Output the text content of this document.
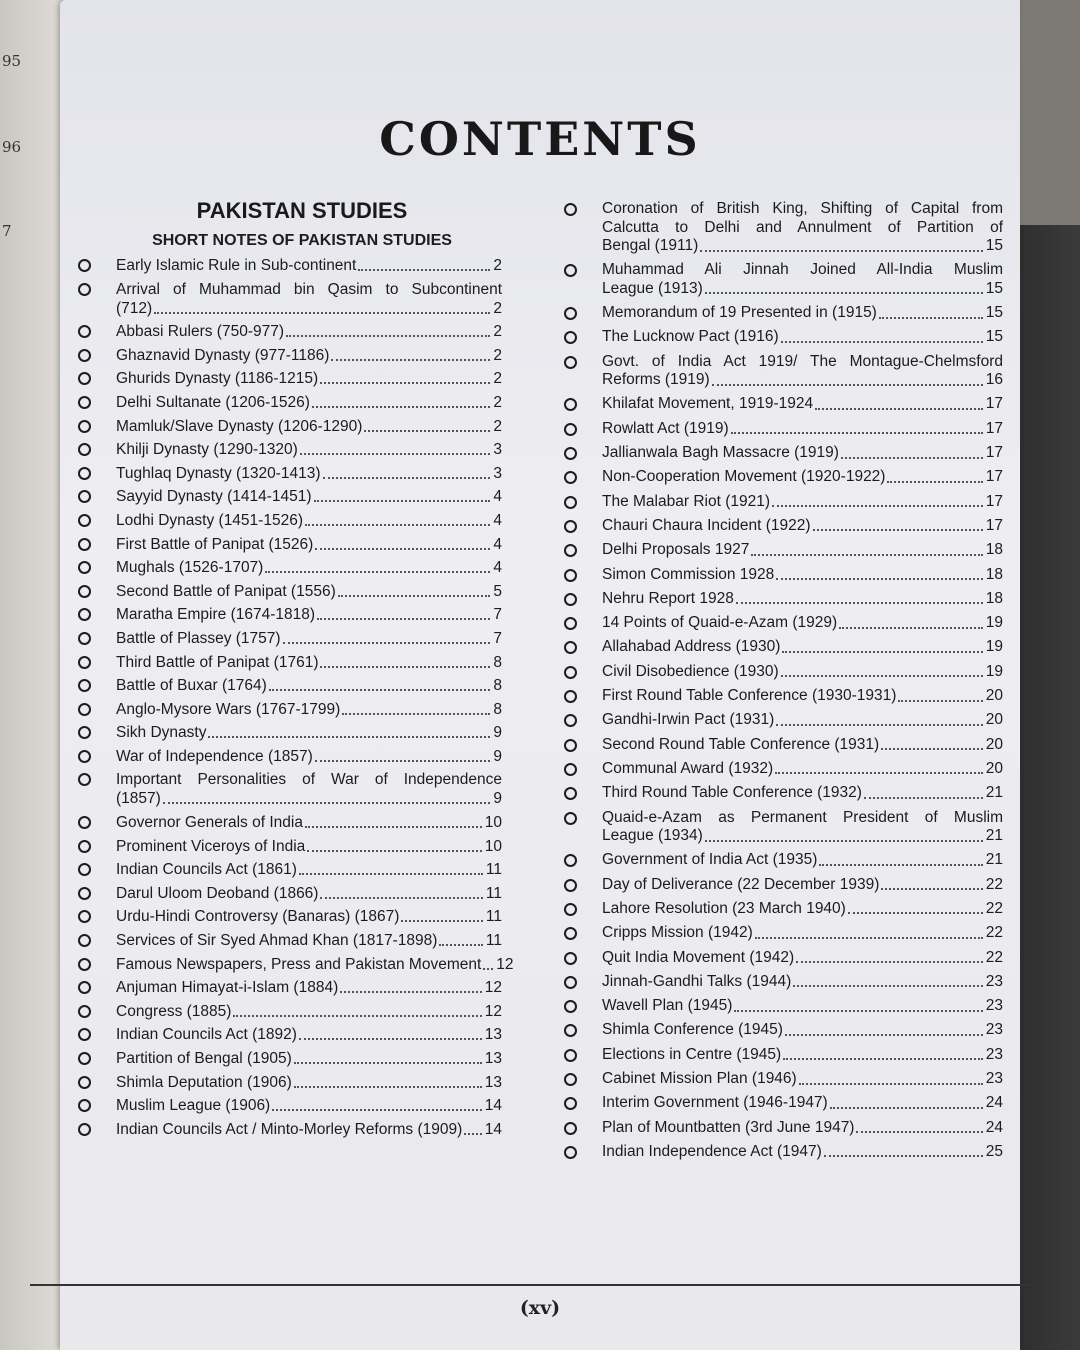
95
96
7
CONTENTS
PAKISTAN STUDIES
SHORT NOTES OF PAKISTAN STUDIES
Early Islamic Rule in Sub-continent	2
Arrival of Muhammad bin Qasim to Subcontinent
(712)	2
Abbasi Rulers (750-977)	2
Ghaznavid Dynasty (977-1186)	2
Ghurids Dynasty (1186-1215)	2
Delhi Sultanate (1206-1526)	2
Mamluk/Slave Dynasty (1206-1290)	2
Khilji Dynasty (1290-1320)	3
Tughlaq Dynasty (1320-1413)	3
Sayyid Dynasty (1414-1451)	4
Lodhi Dynasty (1451-1526)	4
First Battle of Panipat (1526)	4
Mughals (1526-1707)	4
Second Battle of Panipat (1556)	5
Maratha Empire (1674-1818)	7
Battle of Plassey (1757)	7
Third Battle of Panipat (1761)	8
Battle of Buxar (1764)	8
Anglo-Mysore Wars (1767-1799)	8
Sikh Dynasty	9
War of Independence (1857)	9
Important Personalities of War of Independence
(1857)	9
Governor Generals of India	10
Prominent Viceroys of India	10
Indian Councils Act (1861)	11
Darul Uloom Deoband (1866)	11
Urdu-Hindi Controversy (Banaras) (1867)	11
Services of Sir Syed Ahmad Khan (1817-1898)	11
Famous Newspapers, Press and Pakistan Movement 12
Anjuman Himayat-i-Islam (1884)	12
Congress (1885)	12
Indian Councils Act (1892)	13
Partition of Bengal (1905)	13
Shimla Deputation (1906)	13
Muslim League (1906)	14
Indian Councils Act / Minto-Morley Reforms (1909) 14
Coronation of British King, Shifting of Capital from Calcutta to Delhi and Annulment of Partition of
Bengal (1911)	15
Muhammad Ali Jinnah Joined All-India Muslim
League (1913)	15
Memorandum of 19 Presented in (1915)	15
The Lucknow Pact (1916)	15
Govt. of India Act 1919/ The Montague-Chelmsford
Reforms (1919)	16
Khilafat Movement, 1919-1924	17
Rowlatt Act (1919)	17
Jallianwala Bagh Massacre (1919)	17
Non-Cooperation Movement (1920-1922)	17
The Malabar Riot (1921)	17
Chauri Chaura Incident (1922)	17
Delhi Proposals 1927	18
Simon Commission 1928	18
Nehru Report 1928	18
14 Points of Quaid-e-Azam (1929)	19
Allahabad Address (1930)	19
Civil Disobedience (1930)	19
First Round Table Conference (1930-1931)	20
Gandhi-Irwin Pact (1931)	20
Second Round Table Conference (1931)	20
Communal Award (1932)	20
Third Round Table Conference (1932)	21
Quaid-e-Azam as Permanent President of Muslim
League (1934)	21
Government of India Act (1935)	21
Day of Deliverance (22 December 1939)	22
Lahore Resolution (23 March 1940)	22
Cripps Mission (1942)	22
Quit India Movement (1942)	22
Jinnah-Gandhi Talks (1944)	23
Wavell Plan (1945)	23
Shimla Conference (1945)	23
Elections in Centre (1945)	23
Cabinet Mission Plan (1946)	23
Interim Government (1946-1947)	24
Plan of Mountbatten (3rd June 1947)	24
Indian Independence Act (1947)	25
(xv)
